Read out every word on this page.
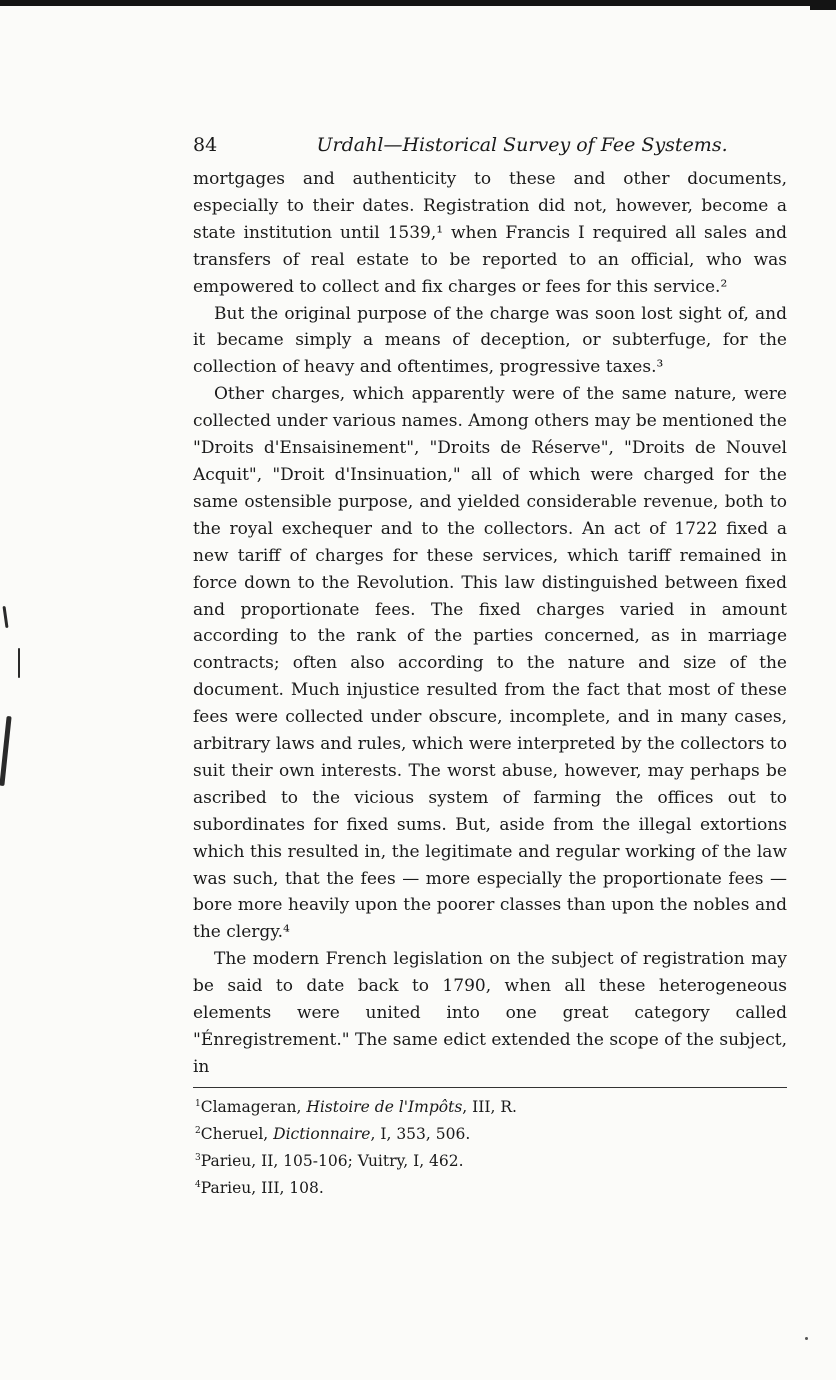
84	Urdahl—Historical Survey of Fee Systems.

mortgages and authenticity to these and other documents, especially to their dates. Registration did not, however, become a state institution until 1539,¹ when Francis I required all sales and transfers of real estate to be reported to an official, who was empowered to collect and fix charges or fees for this service.²

But the original purpose of the charge was soon lost sight of, and it became simply a means of deception, or subterfuge, for the collection of heavy and oftentimes, progressive taxes.³

Other charges, which apparently were of the same nature, were collected under various names. Among others may be mentioned the "Droits d'Ensaisinement", "Droits de Réserve", "Droits de Nouvel Acquit", "Droit d'Insinuation," all of which were charged for the same ostensible purpose, and yielded considerable revenue, both to the royal exchequer and to the collectors. An act of 1722 fixed a new tariff of charges for these services, which tariff remained in force down to the Revolution. This law distinguished between fixed and proportionate fees. The fixed charges varied in amount according to the rank of the parties concerned, as in marriage contracts; often also according to the nature and size of the document. Much injustice resulted from the fact that most of these fees were collected under obscure, incomplete, and in many cases, arbitrary laws and rules, which were interpreted by the collectors to suit their own interests. The worst abuse, however, may perhaps be ascribed to the vicious system of farming the offices out to subordinates for fixed sums. But, aside from the illegal extortions which this resulted in, the legitimate and regular working of the law was such, that the fees — more especially the proportionate fees — bore more heavily upon the poorer classes than upon the nobles and the clergy.⁴

The modern French legislation on the subject of registration may be said to date back to 1790, when all these heterogeneous elements were united into one great category called "Énregistrement." The same edict extended the scope of the subject, in

$^1$Clamageran, Histoire de l'Impôts, III, R.
$^2$Cheruel, Dictionnaire, I, 353, 506.
$^3$Parieu, II, 105-106; Vuitry, I, 462.
$^4$Parieu, III, 108.
